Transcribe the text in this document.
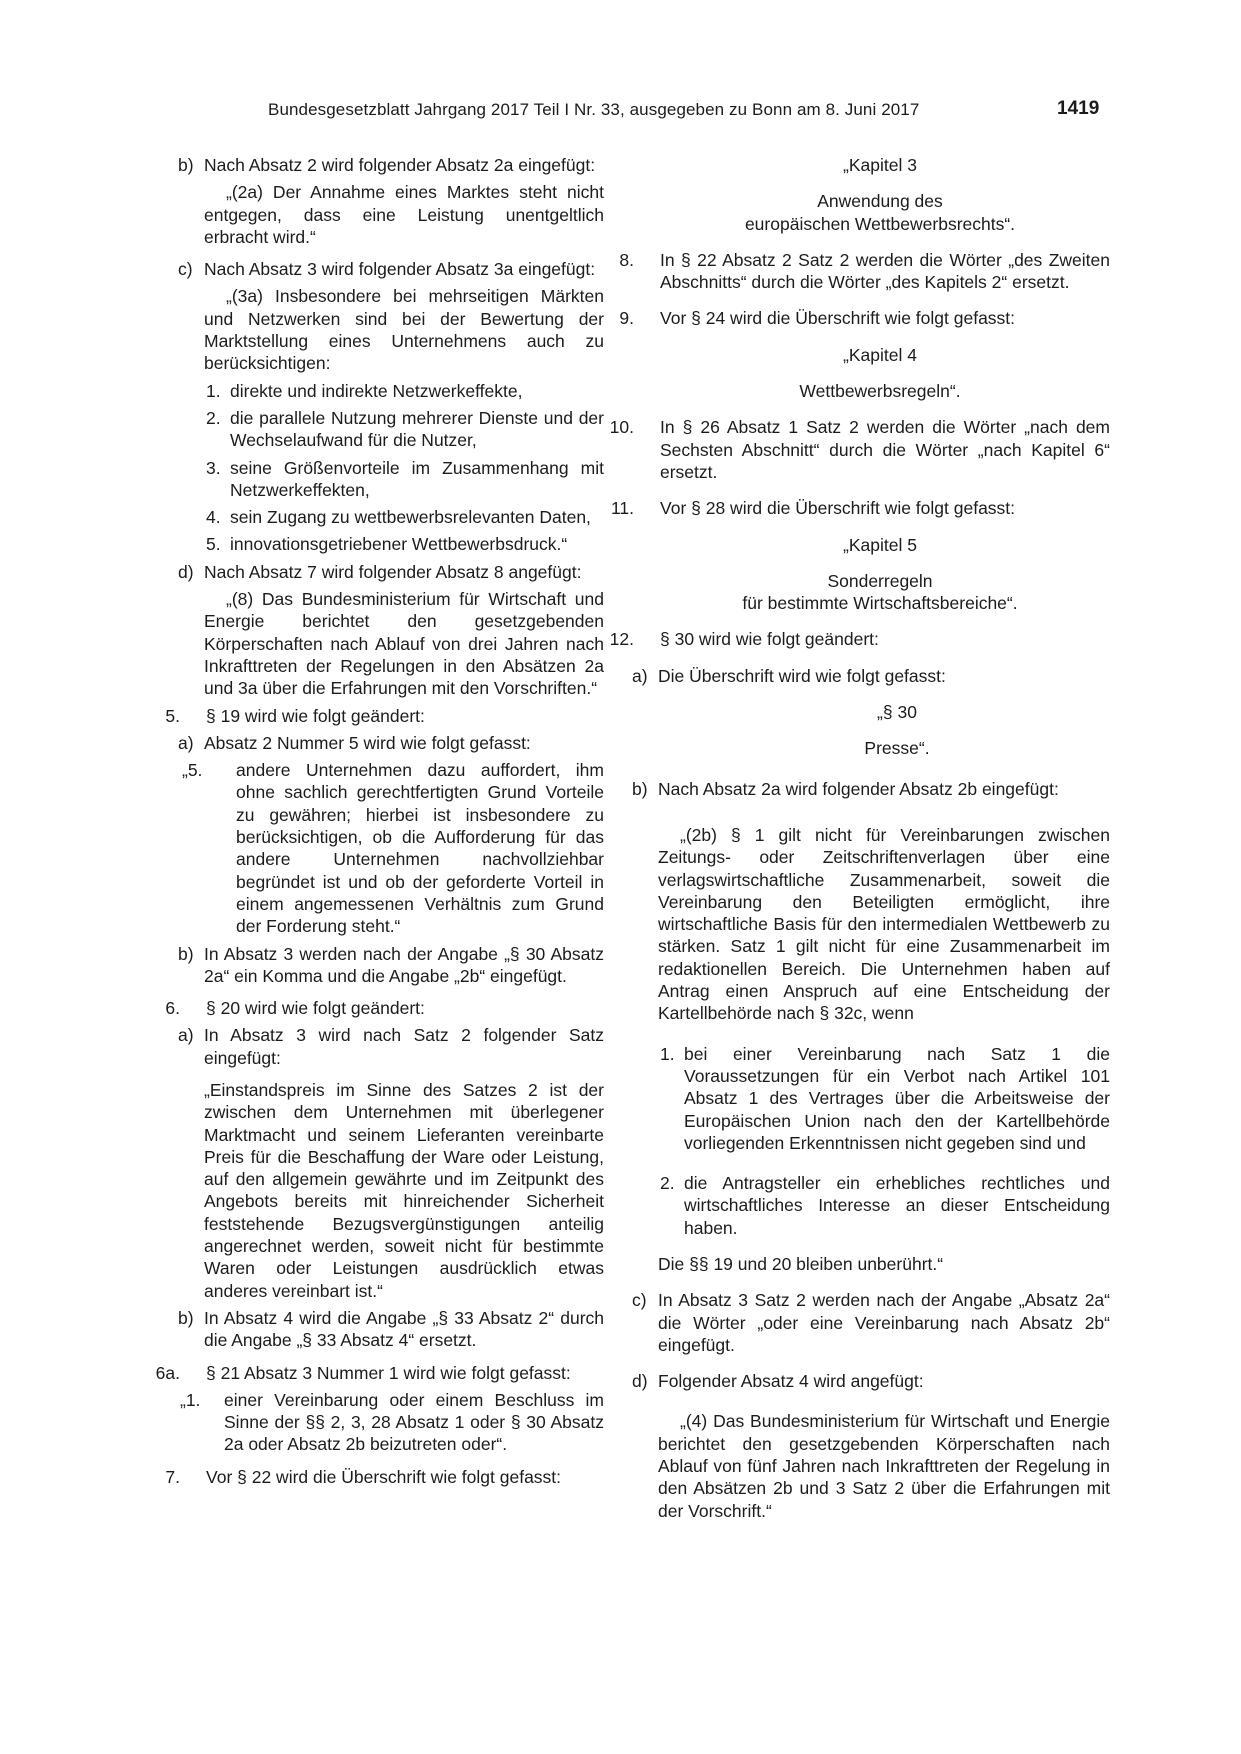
Bundesgesetzblatt Jahrgang 2017 Teil I Nr. 33, ausgegeben zu Bonn am 8. Juni 2017	1419
b) Nach Absatz 2 wird folgender Absatz 2a eingefügt:

„(2a) Der Annahme eines Marktes steht nicht entgegen, dass eine Leistung unentgeltlich erbracht wird.“

c) Nach Absatz 3 wird folgender Absatz 3a eingefügt:

„(3a) Insbesondere bei mehrseitigen Märkten und Netzwerken sind bei der Bewertung der Marktstellung eines Unternehmens auch zu berücksichtigen:

1. direkte und indirekte Netzwerkeffekte,

2. die parallele Nutzung mehrerer Dienste und der Wechselaufwand für die Nutzer,

3. seine Größenvorteile im Zusammenhang mit Netzwerkeffekten,

4. sein Zugang zu wettbewerbsrelevanten Daten,

5. innovationsgetriebener Wettbewerbsdruck.“

d) Nach Absatz 7 wird folgender Absatz 8 angefügt:

„(8) Das Bundesministerium für Wirtschaft und Energie berichtet den gesetzgebenden Körperschaften nach Ablauf von drei Jahren nach Inkrafttreten der Regelungen in den Absätzen 2a und 3a über die Erfahrungen mit den Vorschriften.“

5. § 19 wird wie folgt geändert:

a) Absatz 2 Nummer 5 wird wie folgt gefasst:

„5.	andere Unternehmen dazu auffordert, ihm ohne sachlich gerechtfertigten Grund Vorteile zu gewähren; hierbei ist insbesondere zu berücksichtigen, ob die Aufforderung für das andere Unternehmen nachvollziehbar begründet ist und ob der geforderte Vorteil in einem angemessenen Verhältnis zum Grund der Forderung steht.“

b) In Absatz 3 werden nach der Angabe „§ 30 Absatz 2a“ ein Komma und die Angabe „2b“ eingefügt.

6. § 20 wird wie folgt geändert:

a) In Absatz 3 wird nach Satz 2 folgender Satz eingefügt:

„Einstandspreis im Sinne des Satzes 2 ist der zwischen dem Unternehmen mit überlegener Marktmacht und seinem Lieferanten vereinbarte Preis für die Beschaffung der Ware oder Leistung, auf den allgemein gewährte und im Zeitpunkt des Angebots bereits mit hinreichender Sicherheit feststehende Bezugsvergünstigungen anteilig angerechnet werden, soweit nicht für bestimmte Waren oder Leistungen ausdrücklich etwas anderes vereinbart ist.“

b) In Absatz 4 wird die Angabe „§ 33 Absatz 2“ durch die Angabe „§ 33 Absatz 4“ ersetzt.

6a. § 21 Absatz 3 Nummer 1 wird wie folgt gefasst:

„1. einer Vereinbarung oder einem Beschluss im Sinne der §§ 2, 3, 28 Absatz 1 oder § 30 Absatz 2a oder Absatz 2b beizutreten oder“.

7. Vor § 22 wird die Überschrift wie folgt gefasst:

„Kapitel 3

Anwendung des

europäischen Wettbewerbsrechts“.

8. In § 22 Absatz 2 Satz 2 werden die Wörter „des Zweiten Abschnitts“ durch die Wörter „des Kapitels 2“ ersetzt.

9. Vor § 24 wird die Überschrift wie folgt gefasst:

„Kapitel 4

Wettbewerbsregeln“.

10. In § 26 Absatz 1 Satz 2 werden die Wörter „nach dem Sechsten Abschnitt“ durch die Wörter „nach Kapitel 6“ ersetzt.

11. Vor § 28 wird die Überschrift wie folgt gefasst:

„Kapitel 5

Sonderregeln

für bestimmte Wirtschaftsbereiche“.

12. § 30 wird wie folgt geändert:

a) Die Überschrift wird wie folgt gefasst:

„§ 30

Presse“.

b) Nach Absatz 2a wird folgender Absatz 2b eingefügt:

„(2b) § 1 gilt nicht für Vereinbarungen zwischen Zeitungs- oder Zeitschriftenverlagen über eine verlagswirtschaftliche Zusammenarbeit, soweit die Vereinbarung den Beteiligten ermöglicht, ihre wirtschaftliche Basis für den intermedialen Wettbewerb zu stärken. Satz 1 gilt nicht für eine Zusammenarbeit im redaktionellen Bereich. Die Unternehmen haben auf Antrag einen Anspruch auf eine Entscheidung der Kartellbehörde nach § 32c, wenn

1. bei einer Vereinbarung nach Satz 1 die Voraussetzungen für ein Verbot nach Artikel 101 Absatz 1 des Vertrages über die Arbeitsweise der Europäischen Union nach den der Kartellbehörde vorliegenden Erkenntnissen nicht gegeben sind und

2. die Antragsteller ein erhebliches rechtliches und wirtschaftliches Interesse an dieser Entscheidung haben.

Die §§ 19 und 20 bleiben unberührt.“

c) In Absatz 3 Satz 2 werden nach der Angabe „Absatz 2a“ die Wörter „oder eine Vereinbarung nach Absatz 2b“ eingefügt.

d) Folgender Absatz 4 wird angefügt:

„(4) Das Bundesministerium für Wirtschaft und Energie berichtet den gesetzgebenden Körperschaften nach Ablauf von fünf Jahren nach Inkrafttreten der Regelung in den Absätzen 2b und 3 Satz 2 über die Erfahrungen mit der Vorschrift.“
